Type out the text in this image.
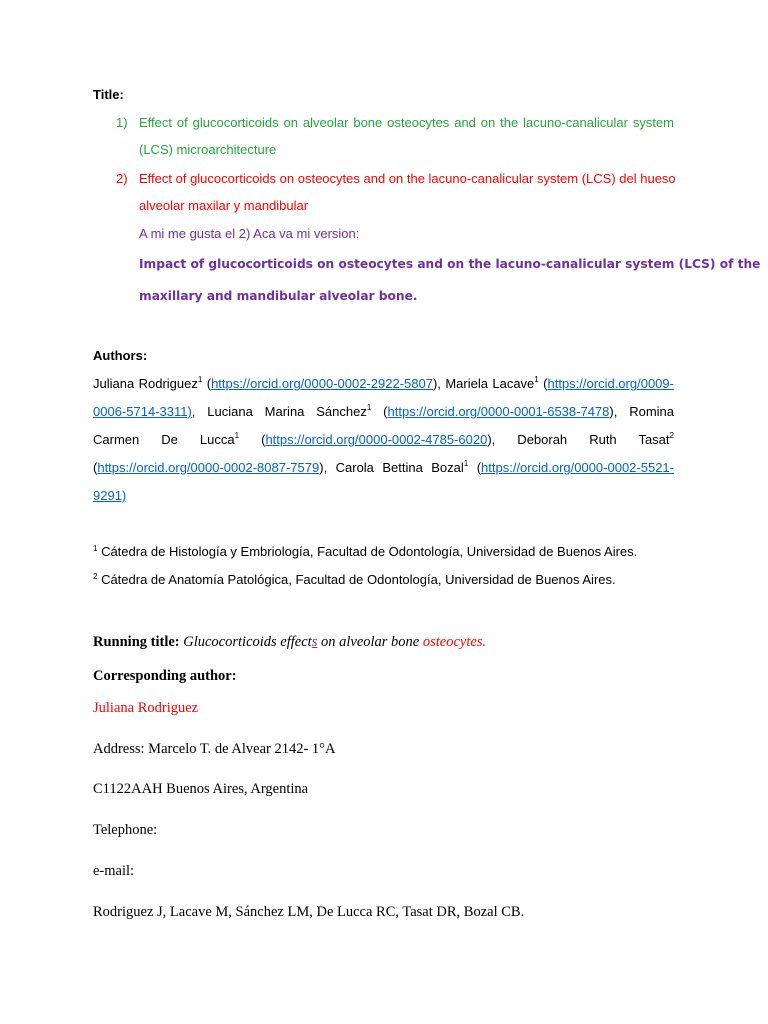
Title:

1) Effect of glucocorticoids on alveolar bone osteocytes and on the lacuno-canalicular system

(LCS) microarchitecture

2) Effect of glucocorticoids on osteocytes and on the lacuno-canalicular system (LCS) del hueso

alveolar maxilar y mandibular

A mi me gusta el 2) Aca va mi version:

Impact of glucocorticoids on osteocytes and on the lacuno-canalicular system (LCS) of the

maxillary and mandibular alveolar bone.

Authors:

Juliana Rodriguez$^1$ (https://orcid.org/0000-0002-2922-5807), Mariela Lacave$^1$ (https://orcid.org/0009-

0006-5714-3311), Luciana Marina Sánchez$^1$ (https://orcid.org/0000-0001-6538-7478), Romina

Carmen De Lucca$^1$ (https://orcid.org/0000-0002-4785-6020), Deborah Ruth Tasat$^2$

(https://orcid.org/0000-0002-8087-7579), Carola Bettina Bozal$^1$ (https://orcid.org/0000-0002-5521-

9291)

$^1$ Cátedra de Histología y Embriología, Facultad de Odontología, Universidad de Buenos Aires.

$^2$ Cátedra de Anatomía Patológica, Facultad de Odontología, Universidad de Buenos Aires.

Running title: Glucocorticoids effects on alveolar bone osteocytes.

Corresponding author:

Juliana Rodriguez

Address: Marcelo T. de Alvear 2142- 1°A

C1122AAH Buenos Aires, Argentina

Telephone:

e-mail:

Rodriguez J, Lacave M, Sánchez LM, De Lucca RC, Tasat DR, Bozal CB.
